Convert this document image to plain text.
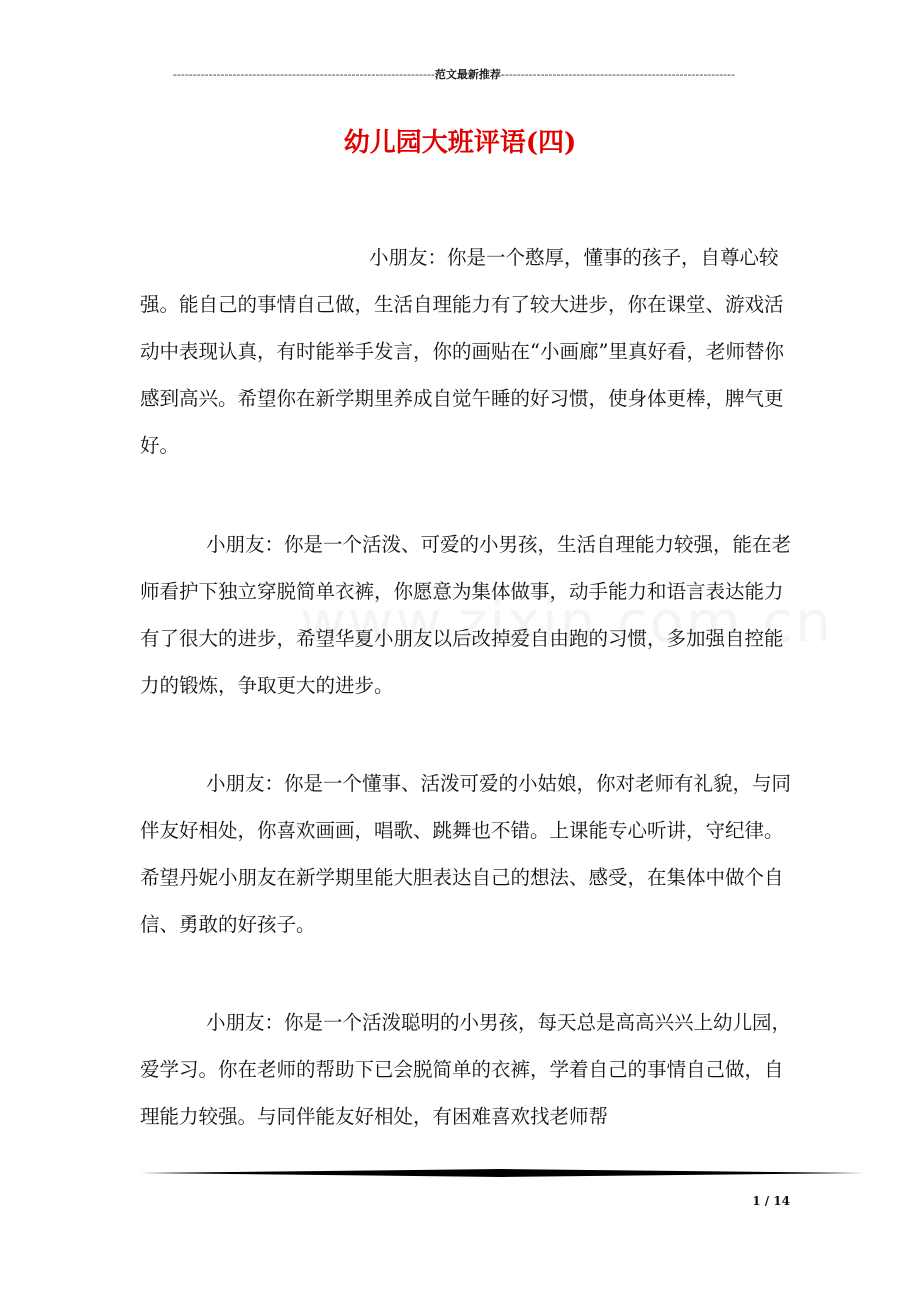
------------------------------------------------------------------范文最新推荐-----------------------------------------------------------
幼儿园大班评语(四)

小朋友：你是一个憨厚，懂事的孩子，自尊心较强。能自己的事情自己做，生活自理能力有了较大进步，你在课堂、游戏活动中表现认真，有时能举手发言，你的画贴在“小画廊”里真好看，老师替你感到高兴。希望你在新学期里养成自觉午睡的好习惯，使身体更棒，脾气更好。

小朋友：你是一个活泼、可爱的小男孩，生活自理能力较强，能在老师看护下独立穿脱简单衣裤，你愿意为集体做事，动手能力和语言表达能力有了很大的进步，希望华夏小朋友以后改掉爱自由跑的习惯，多加强自控能力的锻炼，争取更大的进步。

小朋友：你是一个懂事、活泼可爱的小姑娘，你对老师有礼貌，与同伴友好相处，你喜欢画画，唱歌、跳舞也不错。上课能专心听讲，守纪律。希望丹妮小朋友在新学期里能大胆表达自己的想法、感受，在集体中做个自信、勇敢的好孩子。

小朋友：你是一个活泼聪明的小男孩，每天总是高高兴兴上幼儿园，爱学习。你在老师的帮助下已会脱简单的衣裤，学着自己的事情自己做，自理能力较强。与同伴能友好相处，有困难喜欢找老师帮

1 / 14
